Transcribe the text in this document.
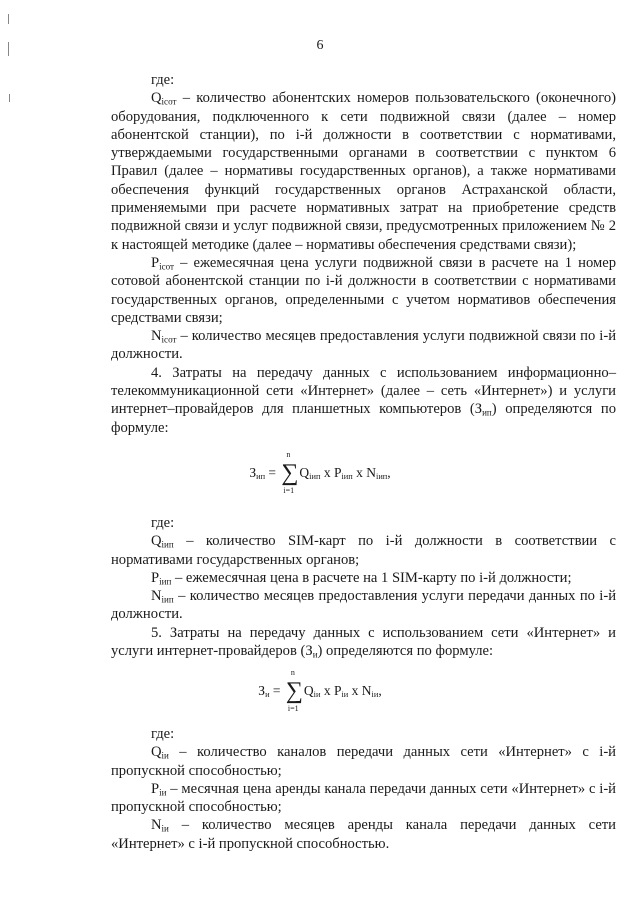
6

где:

$Q_{iсот}$ – количество абонентских номеров пользовательского (оконечного) оборудования, подключенного к сети подвижной связи (далее – номер абонентской станции), по i-й должности в соответствии с нормативами, утверждаемыми государственными органами в соответствии с пунктом 6 Правил (далее – нормативы государственных органов), а также нормативами обеспечения функций государственных органов Астраханской области, применяемыми при расчете нормативных затрат на приобретение средств подвижной связи и услуг подвижной связи, предусмотренных приложением № 2 к настоящей методике (далее – нормативы обеспечения средствами связи);

$P_{iсот}$ – ежемесячная цена услуги подвижной связи в расчете на 1 номер сотовой абонентской станции по i-й должности в соответствии с нормативами государственных органов, определенными с учетом нормативов обеспечения средствами связи;

$N_{iсот}$ – количество месяцев предоставления услуги подвижной связи по i-й должности.

4. Затраты на передачу данных с использованием информационно–телекоммуникационной сети «Интернет» (далее – сеть «Интернет») и услуги интернет–провайдеров для планшетных компьютеров $(З_{ип})$ определяются по формуле:

$З_{ип}$ =
n
∑
i=1
$Q_{iип}$ x $P_{iип}$ x $N_{iип}$,

где:

$Q_{iип}$ – количество SIM-карт по i-й должности в соответствии с нормативами государственных органов;

$P_{iип}$ – ежемесячная цена в расчете на 1 SIM-карту по i-й должности;

$N_{iип}$ – количество месяцев предоставления услуги передачи данных по i-й должности.

5. Затраты на передачу данных с использованием сети «Интернет» и услуги интернет-провайдеров $(З_и)$ определяются по формуле:

$З_и$ =
n
∑
i=1
$Q_{iи}$ x $P_{iи}$ x $N_{iи}$,

где:

$Q_{iи}$ – количество каналов передачи данных сети «Интернет» с i-й пропускной способностью;

$P_{iи}$ – месячная цена аренды канала передачи данных сети «Интернет» с i-й пропускной способностью;

$N_{iи}$ – количество месяцев аренды канала передачи данных сети «Интернет» с i-й пропускной способностью.
